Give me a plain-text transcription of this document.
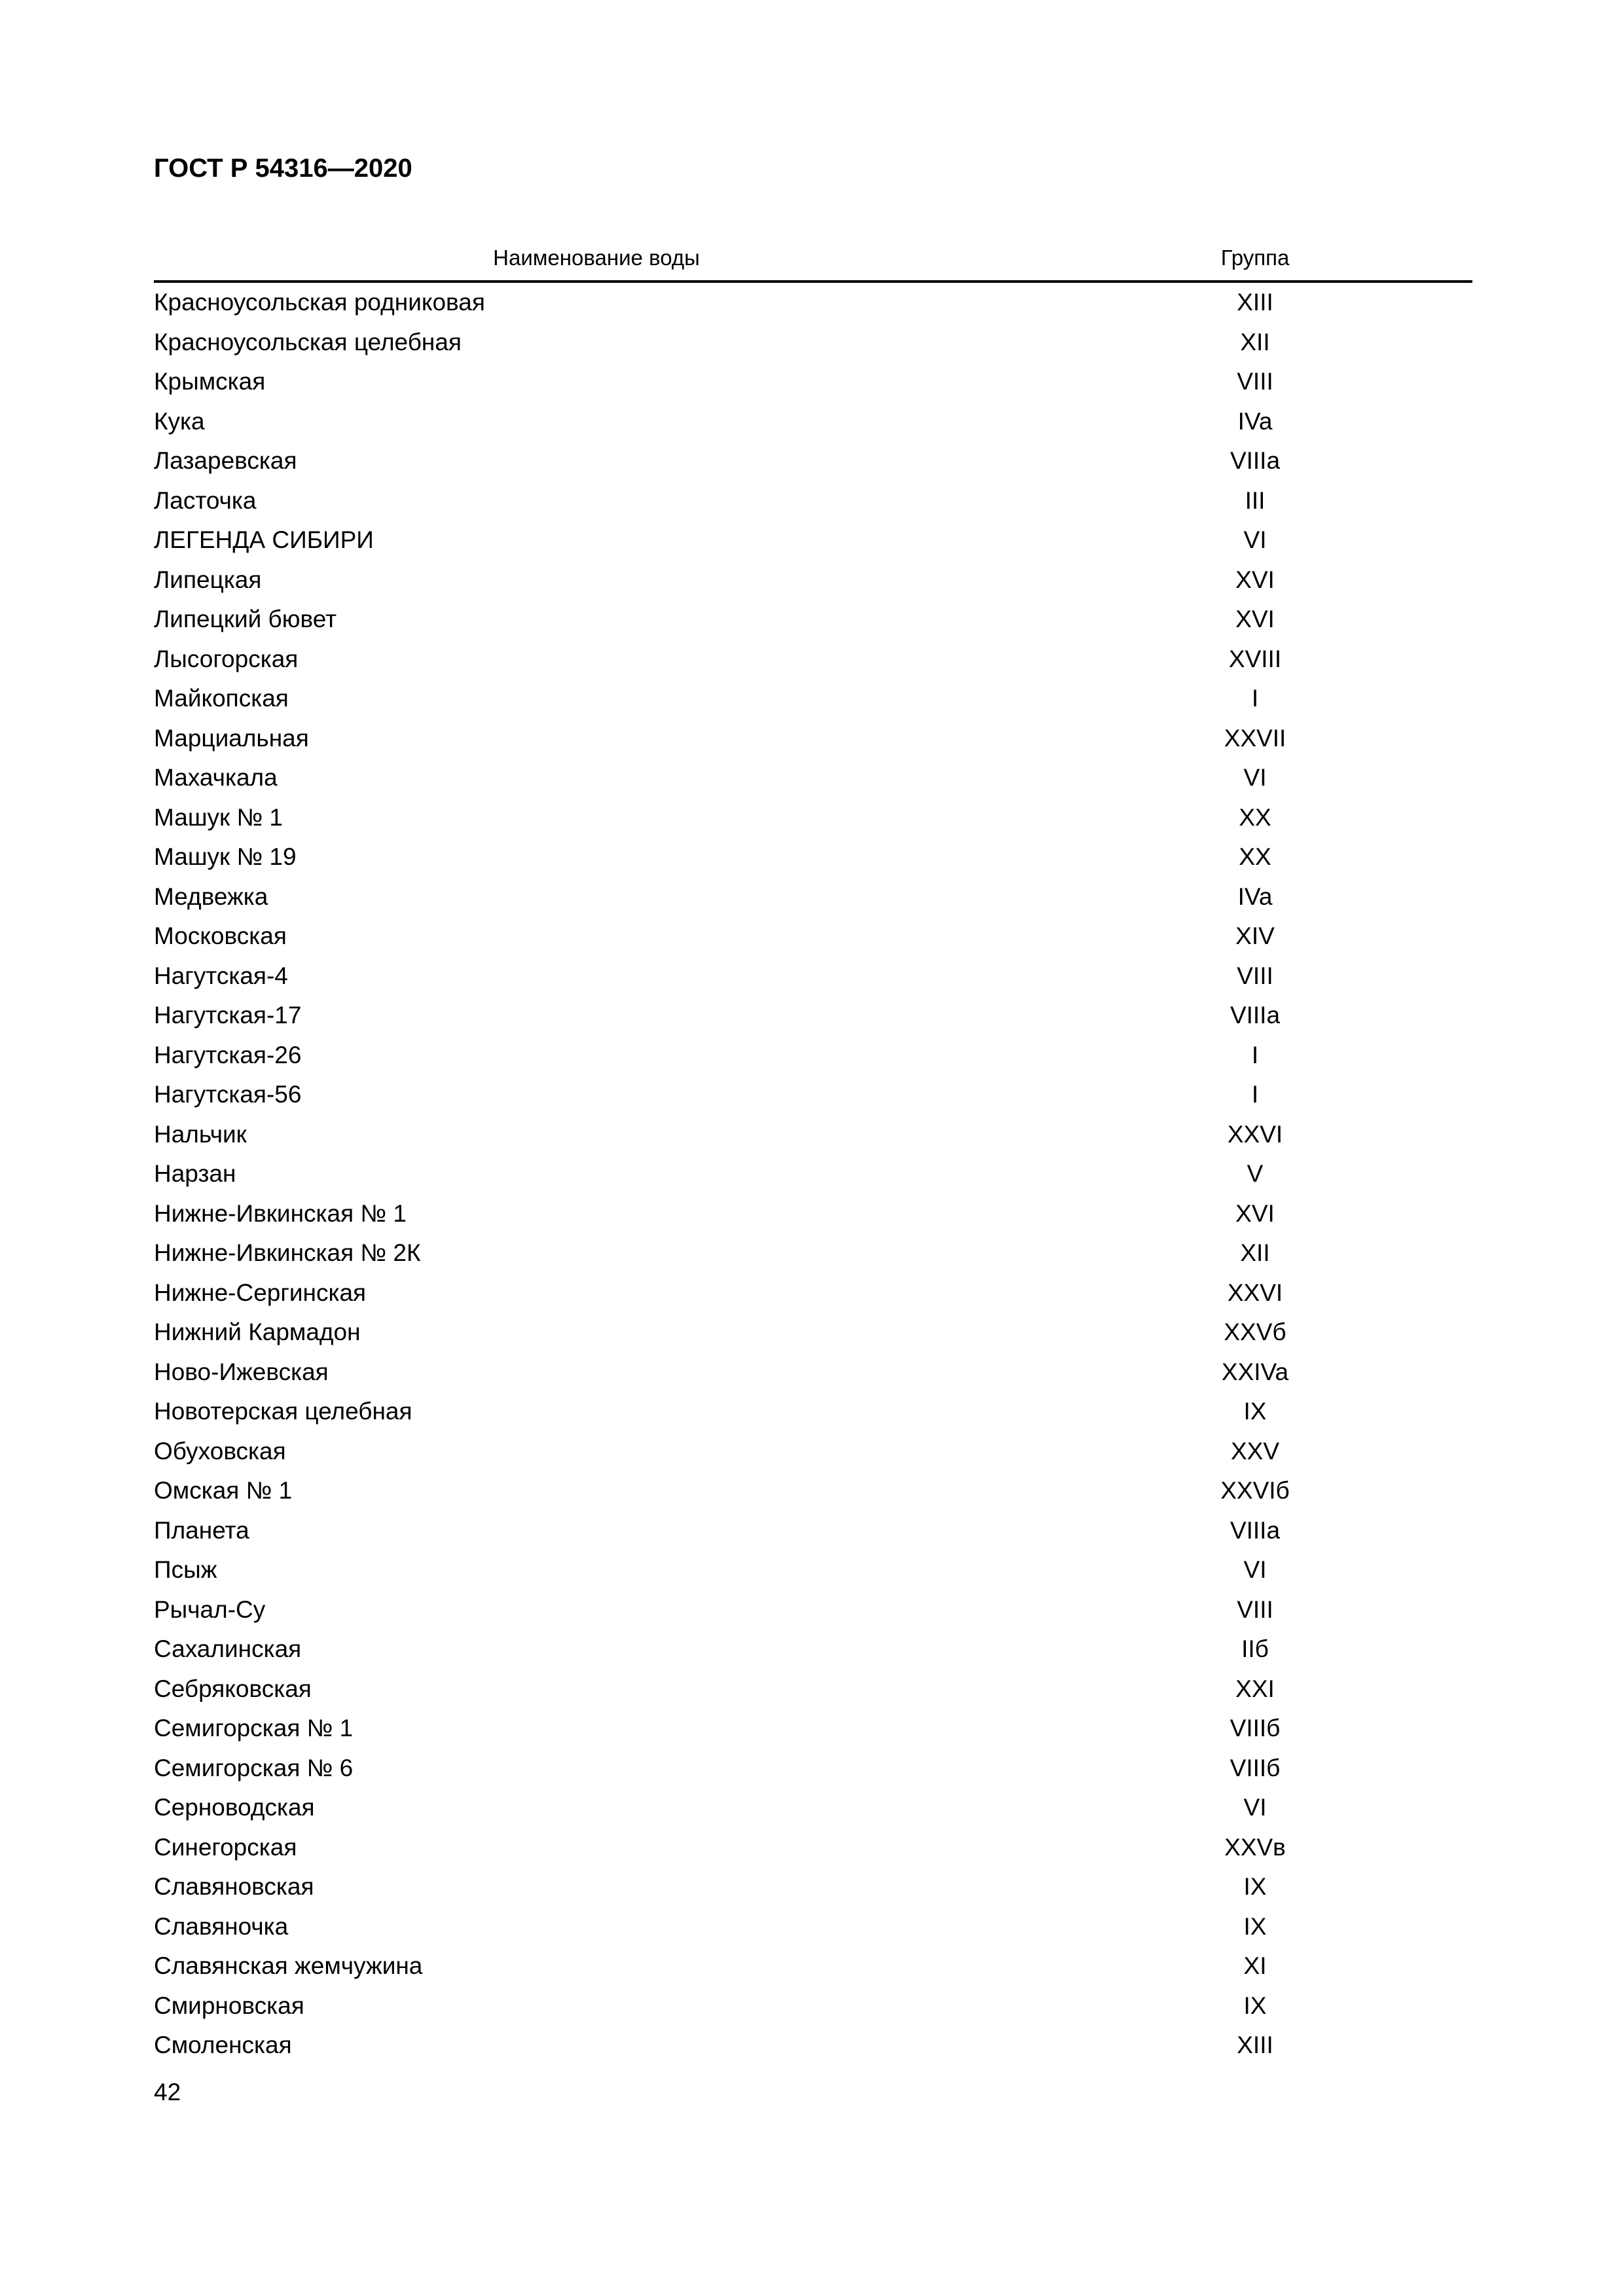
ГОСТ Р 54316—2020
Наименование воды	Группа
Красноусольская родниковая	XIII
Красноусольская целебная	XII
Крымская	VIII
Кука	IVa
Лазаревская	VIIIa
Ласточка	III
ЛЕГЕНДА СИБИРИ	VI
Липецкая	XVI
Липецкий бювет	XVI
Лысогорская	XVIII
Майкопская	I
Марциальная	XXVII
Махачкала	VI
Машук № 1	XX
Машук № 19	XX
Медвежка	IVa
Московская	XIV
Нагутская-4	VIII
Нагутская-17	VIIIa
Нагутская-26	I
Нагутская-56	I
Нальчик	XXVI
Нарзан	V
Нижне-Ивкинская № 1	XVI
Нижне-Ивкинская № 2К	XII
Нижне-Сергинская	XXVI
Нижний Кармадон	XXVб
Ново-Ижевская	XXIVa
Новотерская целебная	IX
Обуховская	XXV
Омская № 1	XXVIб
Планета	VIIIa
Псыж	VI
Рычал-Су	VIII
Сахалинская	IIб
Себряковская	XXI
Семигорская № 1	VIIIб
Семигорская № 6	VIIIб
Серноводская	VI
Синегорская	XXVв
Славяновская	IX
Славяночка	IX
Славянская жемчужина	XI
Смирновская	IX
Смоленская	XIII
42
